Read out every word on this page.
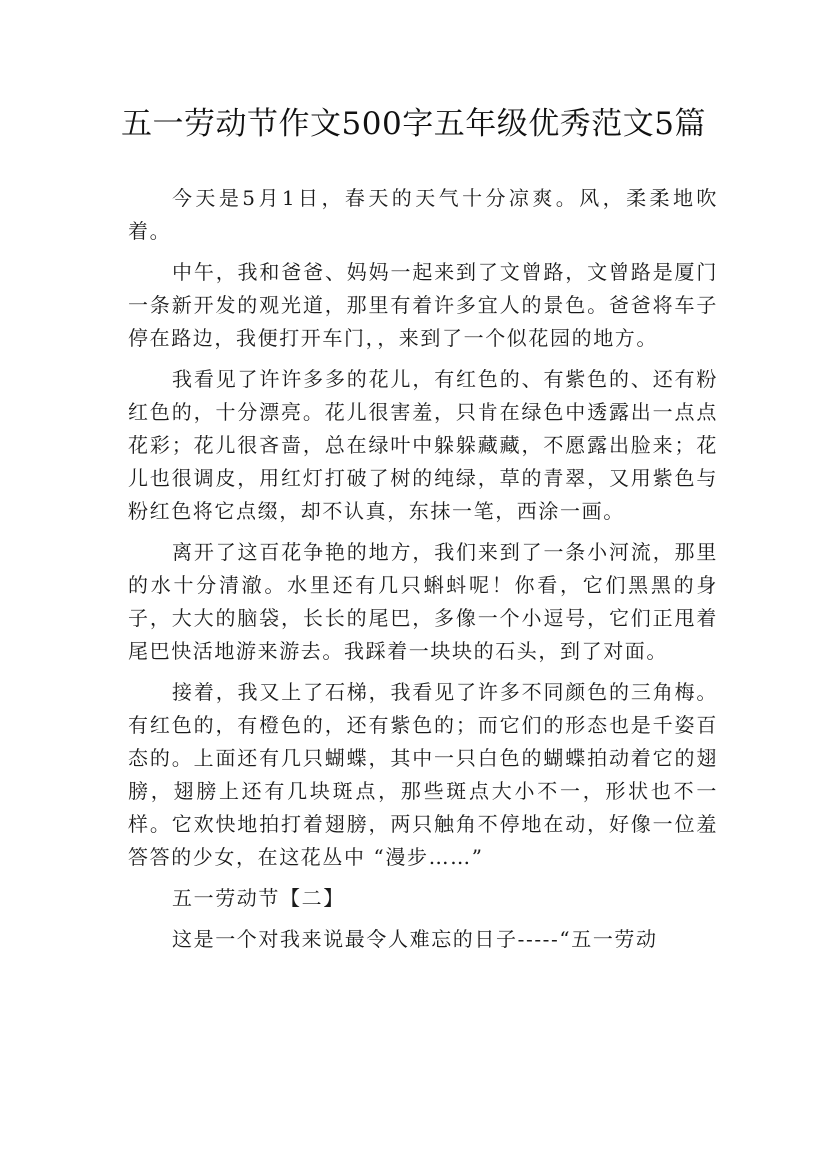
五一劳动节作文500字五年级优秀范文5篇

今天是5月1日，春天的天气十分凉爽。风，柔柔地吹着。

中午，我和爸爸、妈妈一起来到了文曾路，文曾路是厦门一条新开发的观光道，那里有着许多宜人的景色。爸爸将车子停在路边，我便打开车门，，来到了一个似花园的地方。

我看见了许许多多的花儿，有红色的、有紫色的、还有粉红色的，十分漂亮。花儿很害羞，只肯在绿色中透露出一点点花彩；花儿很吝啬，总在绿叶中躲躲藏藏，不愿露出脸来；花儿也很调皮，用红灯打破了树的纯绿，草的青翠，又用紫色与粉红色将它点缀，却不认真，东抹一笔，西涂一画。

离开了这百花争艳的地方，我们来到了一条小河流，那里的水十分清澈。水里还有几只蝌蚪呢！你看，它们黑黑的身子，大大的脑袋，长长的尾巴，多像一个小逗号，它们正甩着尾巴快活地游来游去。我踩着一块块的石头，到了对面。

接着，我又上了石梯，我看见了许多不同颜色的三角梅。有红色的，有橙色的，还有紫色的；而它们的形态也是千姿百态的。上面还有几只蝴蝶，其中一只白色的蝴蝶拍动着它的翅膀，翅膀上还有几块斑点，那些斑点大小不一，形状也不一样。它欢快地拍打着翅膀，两只触角不停地在动，好像一位羞答答的少女，在这花丛中 “漫步……”

五一劳动节【二】

这是一个对我来说最令人难忘的日子-----“五一劳动
